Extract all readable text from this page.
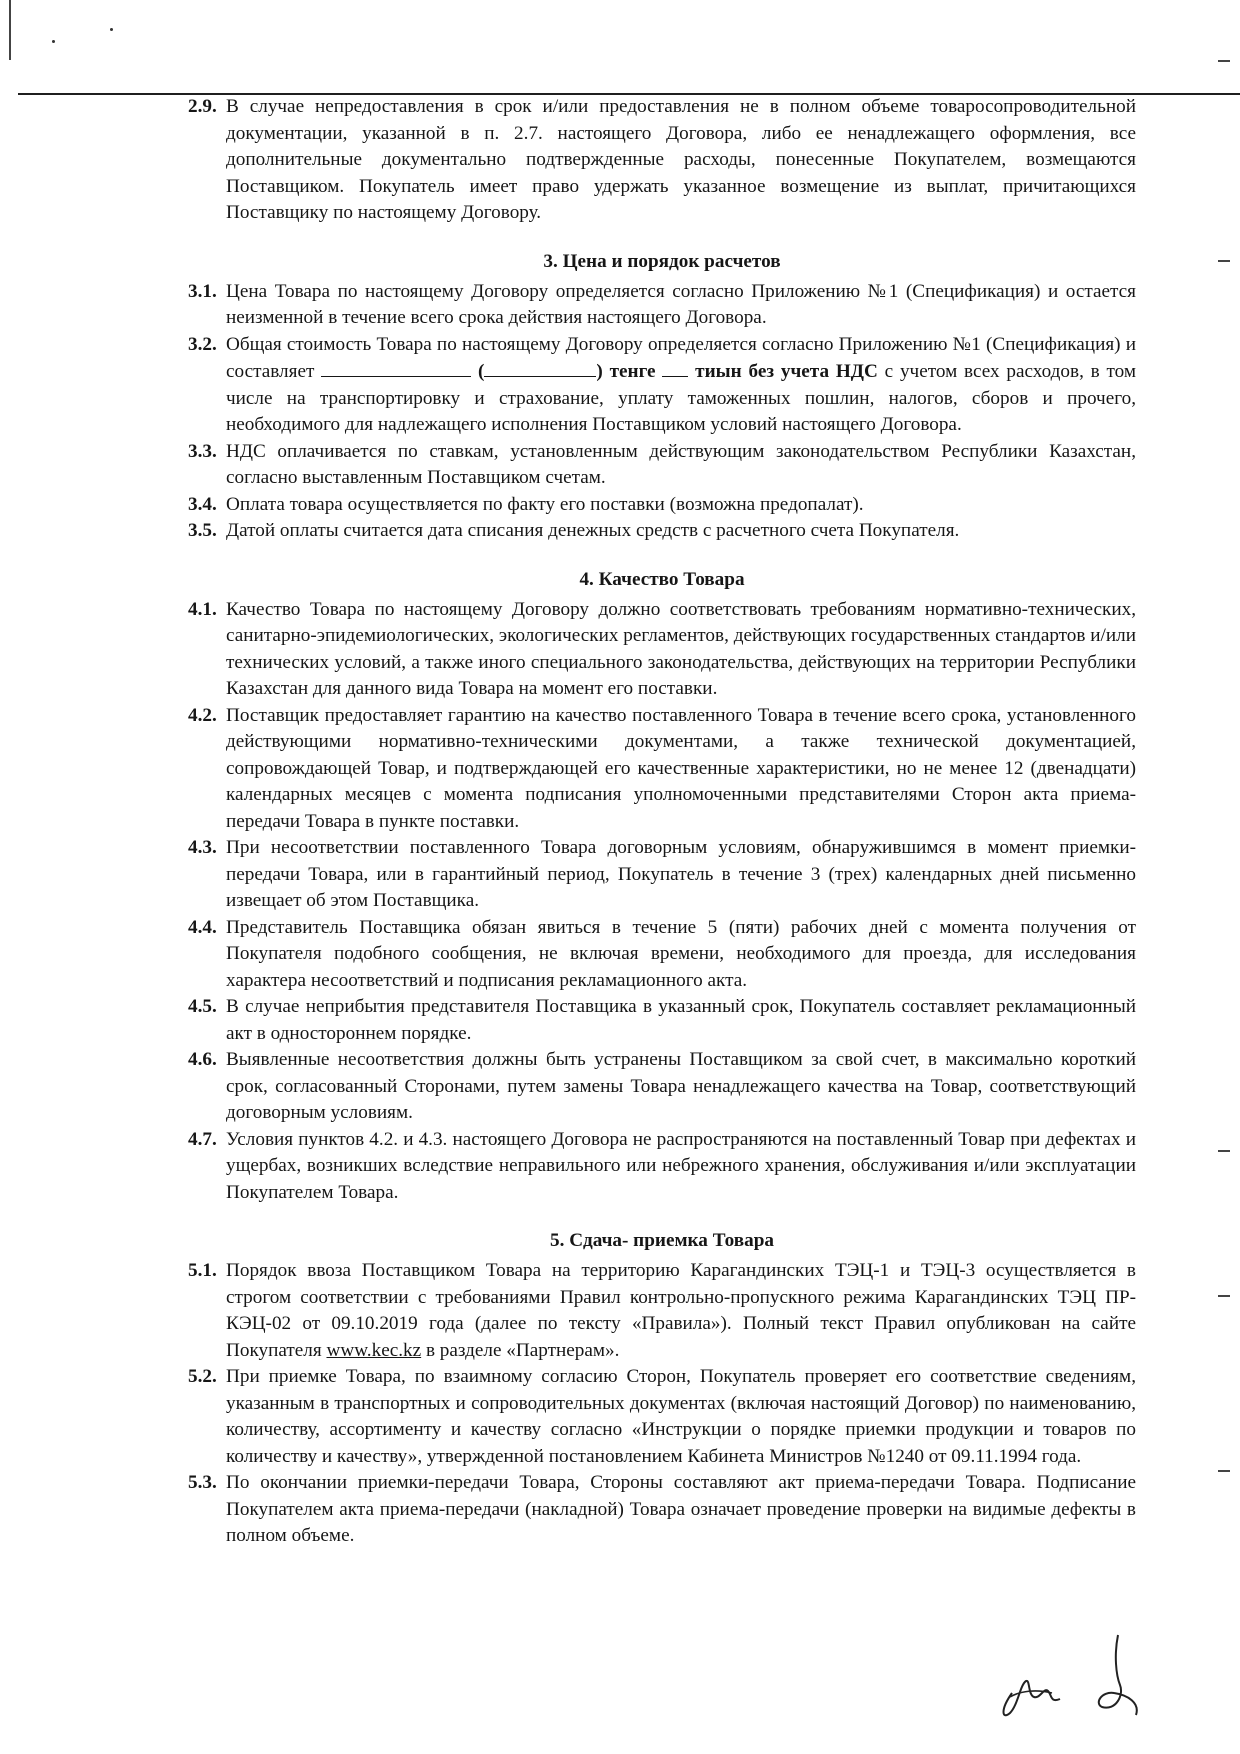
2.9. В случае непредоставления в срок и/или предоставления не в полном объеме товаросопроводительной документации, указанной в п. 2.7. настоящего Договора, либо ее ненадлежащего оформления, все дополнительные документально подтвержденные расходы, понесенные Покупателем, возмещаются Поставщиком. Покупатель имеет право удержать указанное возмещение из выплат, причитающихся Поставщику по настоящему Договору.
3. Цена и порядок расчетов
3.1. Цена Товара по настоящему Договору определяется согласно Приложению №1 (Спецификация) и остается неизменной в течение всего срока действия настоящего Договора.
3.2. Общая стоимость Товара по настоящему Договору определяется согласно Приложению №1 (Спецификация) и составляет	(	) тенге тиын без учета НДС с учетом всех расходов, в том числе на транспортировку и страхование, уплату таможенных пошлин, налогов, сборов и прочего, необходимого для надлежащего исполнения Поставщиком условий настоящего Договора.
3.3. НДС оплачивается по ставкам, установленным действующим законодательством Республики Казахстан, согласно выставленным Поставщиком счетам.
3.4. Оплата товара осуществляется по факту его поставки (возможна предопалат).
3.5. Датой оплаты считается дата списания денежных средств с расчетного счета Покупателя.
4. Качество Товара
4.1. Качество Товара по настоящему Договору должно соответствовать требованиям нормативно-технических, санитарно-эпидемиологических, экологических регламентов, действующих государственных стандартов и/или технических условий, а также иного специального законодательства, действующих на территории Республики Казахстан для данного вида Товара на момент его поставки.
4.2. Поставщик предоставляет гарантию на качество поставленного Товара в течение всего срока, установленного действующими нормативно-техническими документами, а также технической документацией, сопровождающей Товар, и подтверждающей его качественные характеристики, но не менее 12 (двенадцати) календарных месяцев с момента подписания уполномоченными представителями Сторон акта приема-передачи Товара в пункте поставки.
4.3. При несоответствии поставленного Товара договорным условиям, обнаружившимся в момент приемки-передачи Товара, или в гарантийный период, Покупатель в течение 3 (трех) календарных дней письменно извещает об этом Поставщика.
4.4. Представитель Поставщика обязан явиться в течение 5 (пяти) рабочих дней с момента получения от Покупателя подобного сообщения, не включая времени, необходимого для проезда, для исследования характера несоответствий и подписания рекламационного акта.
4.5. В случае неприбытия представителя Поставщика в указанный срок, Покупатель составляет рекламационный акт в одностороннем порядке.
4.6. Выявленные несоответствия должны быть устранены Поставщиком за свой счет, в максимально короткий срок, согласованный Сторонами, путем замены Товара ненадлежащего качества на Товар, соответствующий договорным условиям.
4.7. Условия пунктов 4.2. и 4.3. настоящего Договора не распространяются на поставленный Товар при дефектах и ущербах, возникших вследствие неправильного или небрежного хранения, обслуживания и/или эксплуатации Покупателем Товара.
5. Сдача- приемка Товара
5.1. Порядок ввоза Поставщиком Товара на территорию Карагандинских ТЭЦ-1 и ТЭЦ-3 осуществляется в строгом соответствии с требованиями Правил контрольно-пропускного режима Карагандинских ТЭЦ ПР-КЭЦ-02 от 09.10.2019 года (далее по тексту «Правила»). Полный текст Правил опубликован на сайте Покупателя www.kec.kz в разделе «Партнерам».
5.2. При приемке Товара, по взаимному согласию Сторон, Покупатель проверяет его соответствие сведениям, указанным в транспортных и сопроводительных документах (включая настоящий Договор) по наименованию, количеству, ассортименту и качеству согласно «Инструкции о порядке приемки продукции и товаров по количеству и качеству», утвержденной постановлением Кабинета Министров №1240 от 09.11.1994 года.
5.3. По окончании приемки-передачи Товара, Стороны составляют акт приема-передачи Товара. Подписание Покупателем акта приема-передачи (накладной) Товара означает проведение проверки на видимые дефекты в полном объеме.
